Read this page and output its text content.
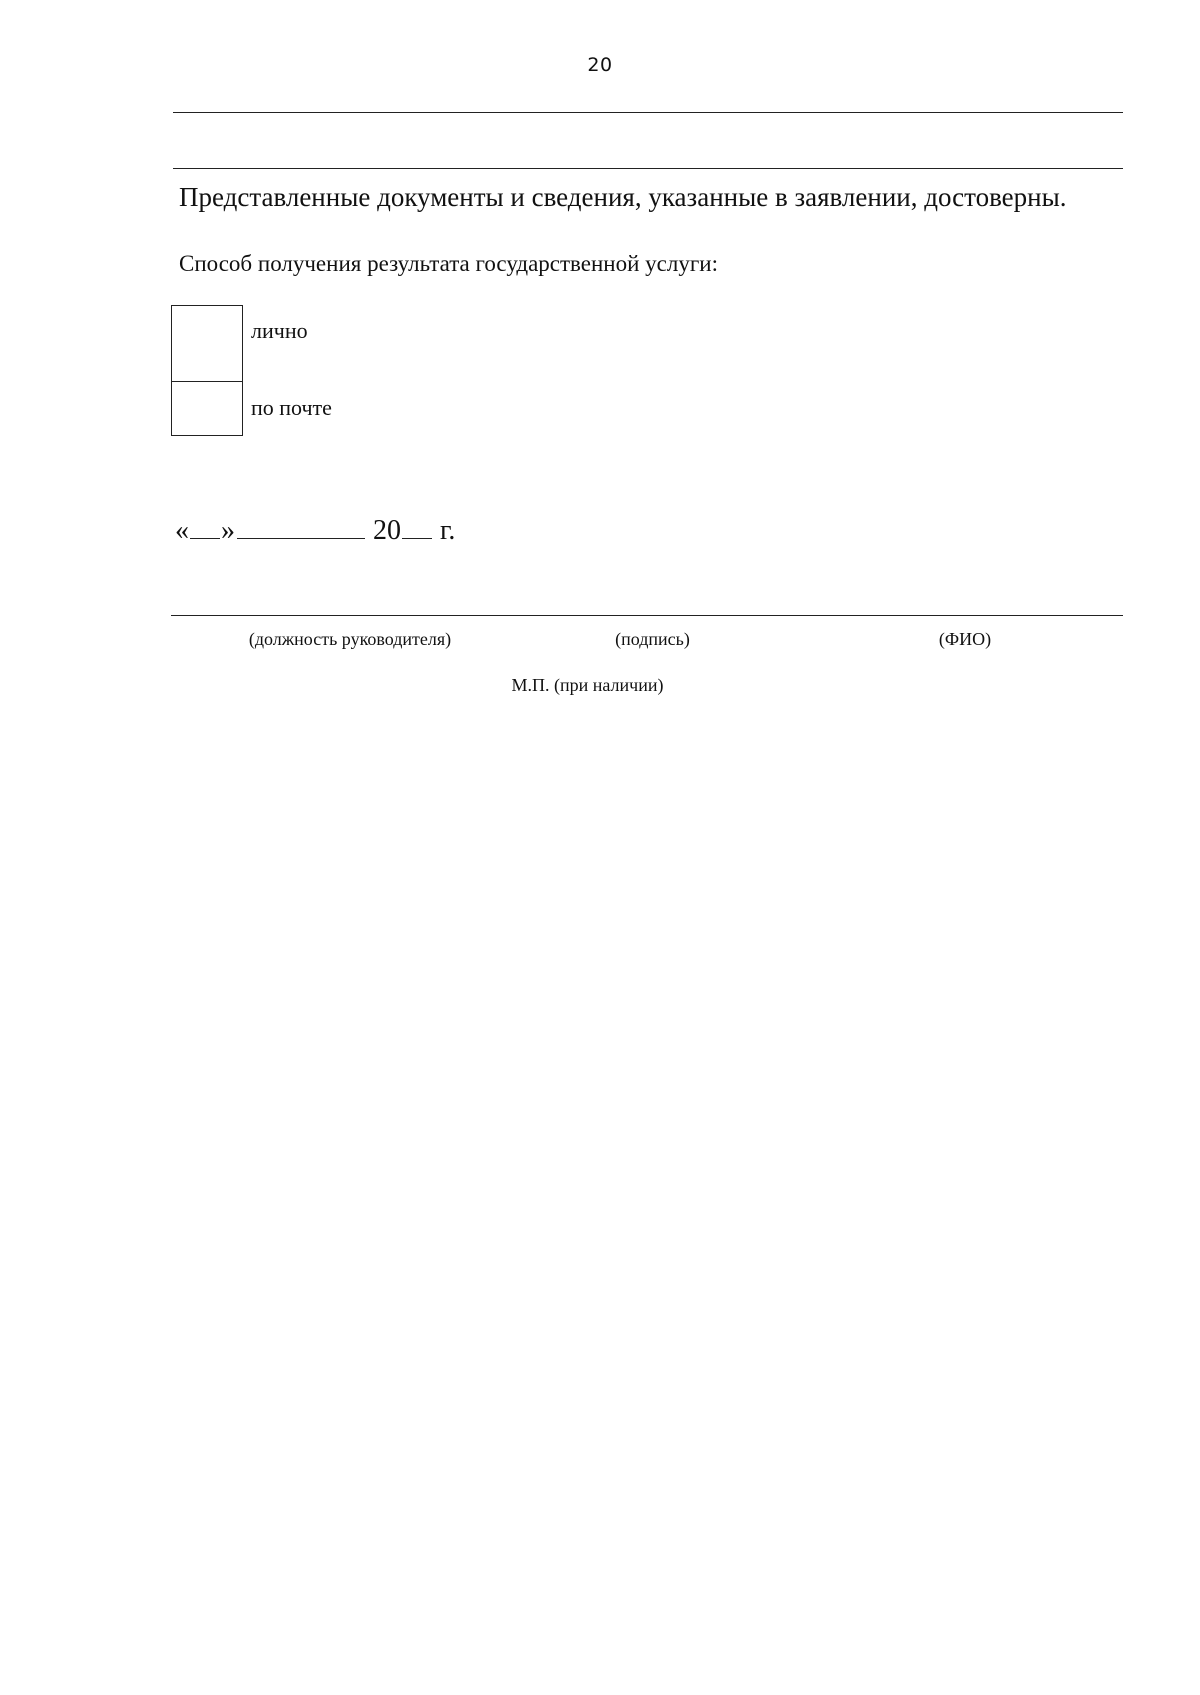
20
Представленные документы и сведения, указанные в заявлении, достоверны.
Способ получения результата государственной услуги:
лично
по почте
« »	20 г.
(должность руководителя)	(подпись)	(ФИО)
М.П. (при наличии)
